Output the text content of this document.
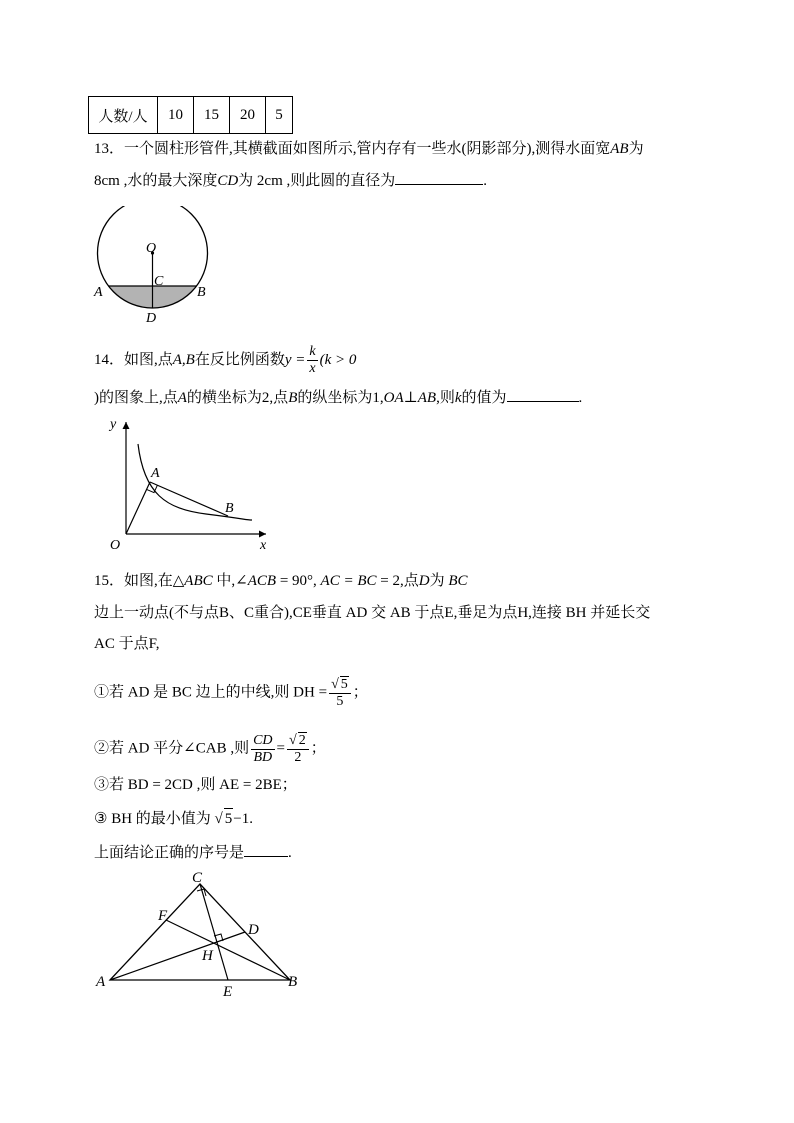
人数/人	10	15	20	5
13．一个圆柱形管件,其横截面如图所示,管内存有一些水(阴影部分),测得水面宽AB为
8cm ,水的最大深度CD为 2cm ,则此圆的直径为	.
O
C
A	B
D
14．如图,点A,B在反比例函数$y = \frac{k}{x} (k > 0$
)的图象上,点A的横坐标为2,点B的纵坐标为1,OA⊥AB,则k的值为	.
y
A
B
O	x
15．如图,在△ABC 中,∠ACB = 90°, AC = BC = 2,点D为 BC
边上一动点(不与点B、C重合),CE垂直 AD 交 AB 于点E,垂足为点H,连接 BH 并延长交
AC 于点F,
①若 AD 是 BC 边上的中线,则 DH = $\frac{√ 5}{5}$ ；
②若 AD 平分∠CAB ,则 $\frac{CD}{BD} = \frac{√ 2}{2}$ ；
③若 BD = 2CD ,则 AE = 2BE；
③ BH 的最小值为 √ 5−1.
上面结论正确的序号是	.
C
F
D
H
A
E
B
